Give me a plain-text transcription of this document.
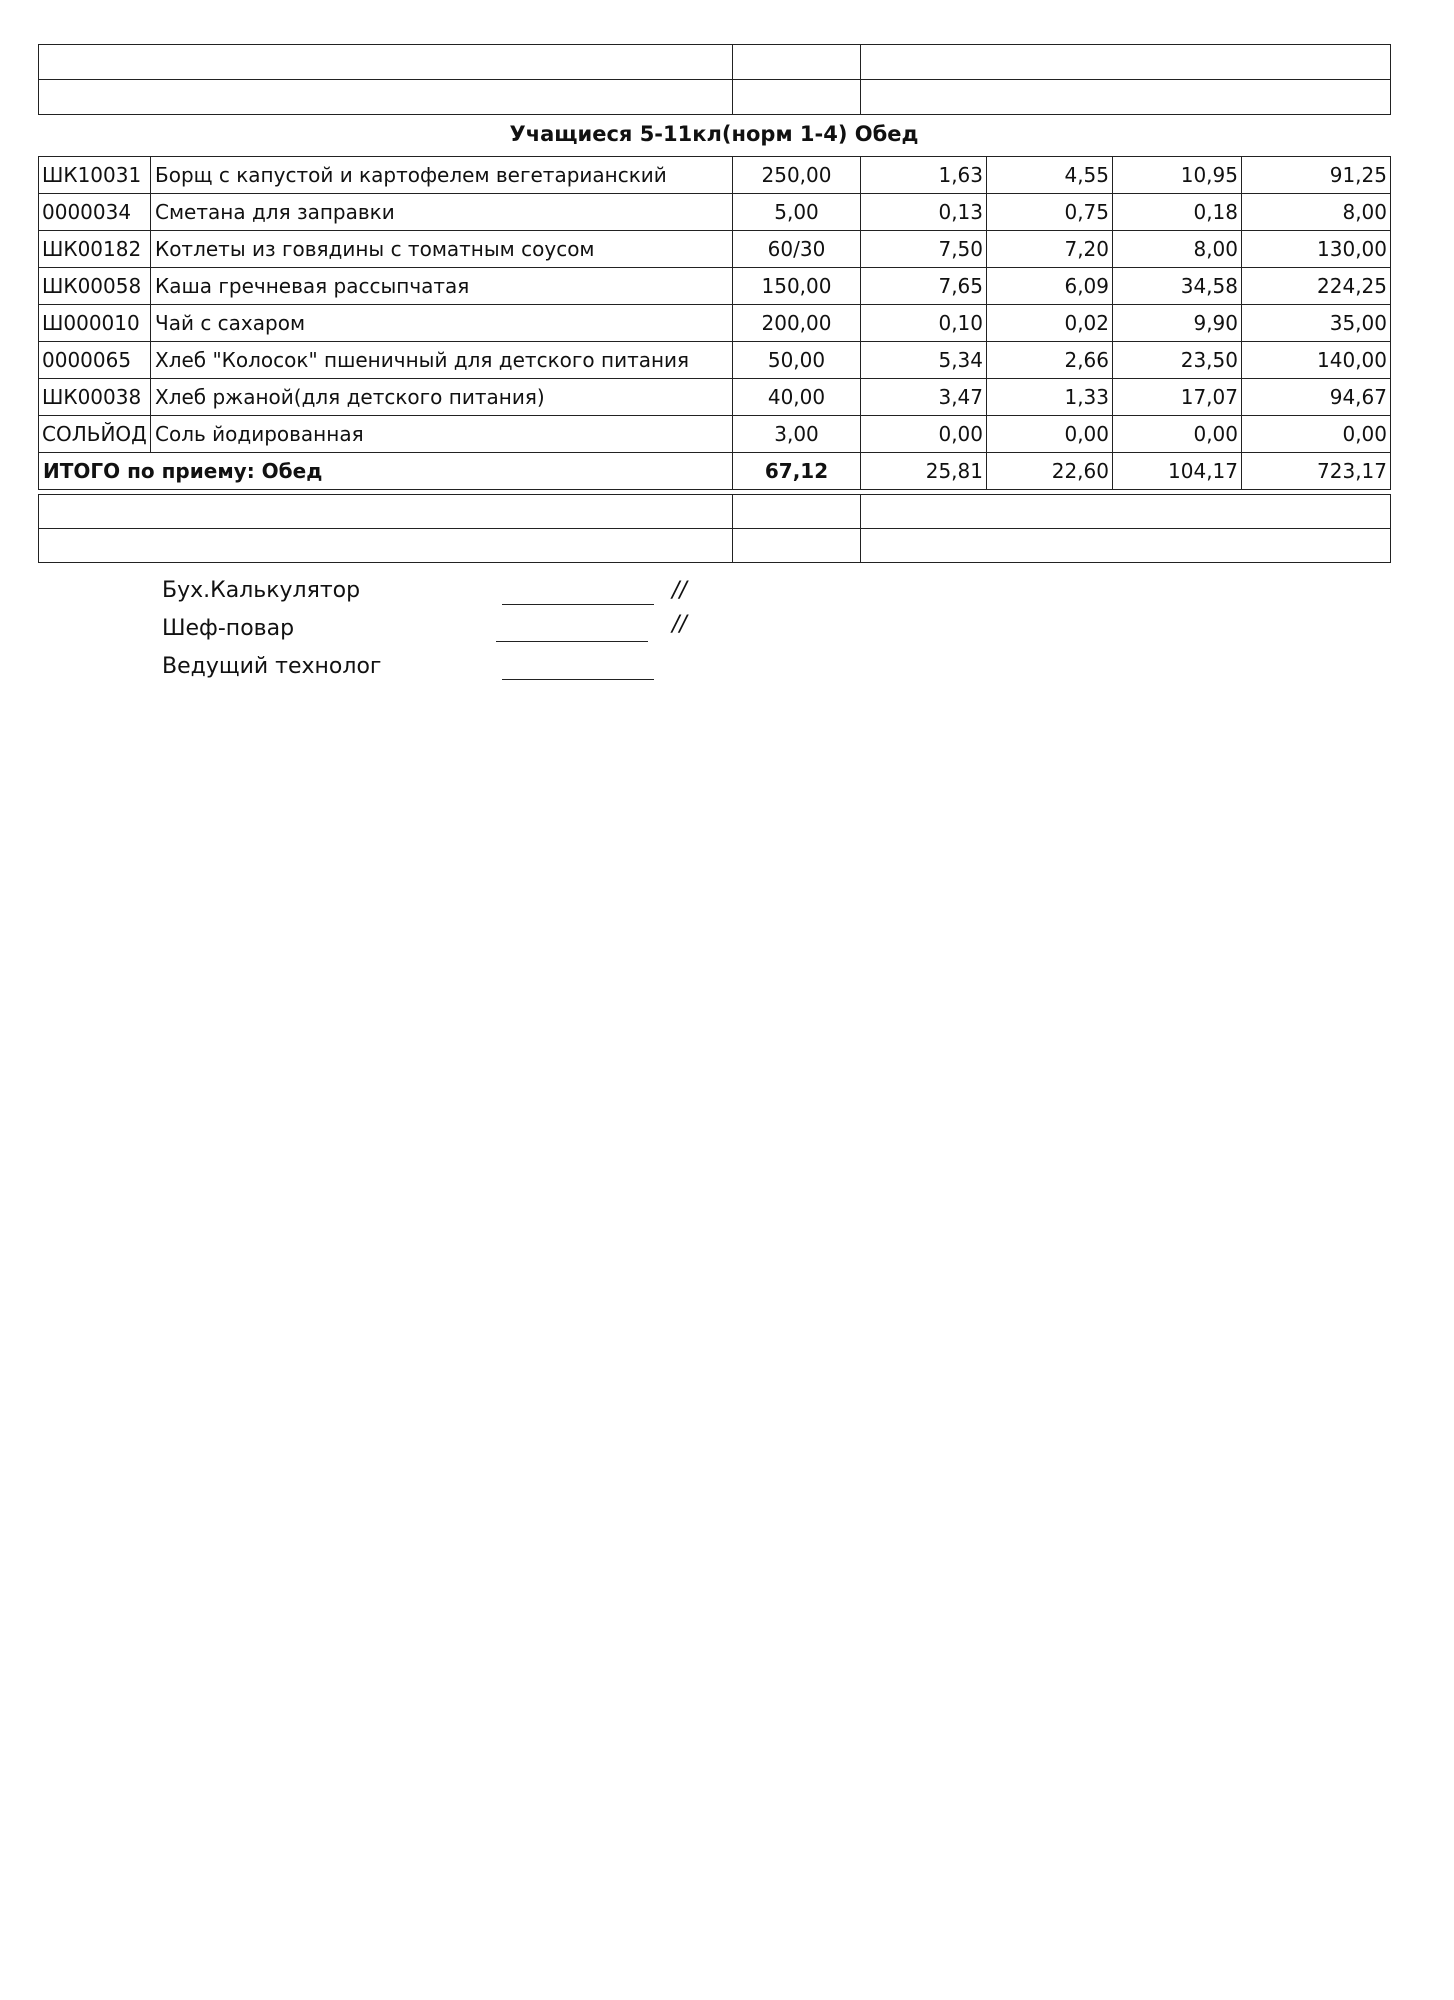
Учащиеся 5-11кл(норм 1-4) Обед
ШК10031	Борщ с капустой и картофелем вегетарианский	250,00	1,63	4,55	10,95	91,25
0000034	Сметана для заправки	5,00	0,13	0,75	0,18	8,00
ШК00182	Котлеты из говядины с томатным соусом	60/30	7,50	7,20	8,00	130,00
ШК00058	Каша гречневая рассыпчатая	150,00	7,65	6,09	34,58	224,25
Ш000010	Чай с сахаром	200,00	0,10	0,02	9,90	35,00
0000065	Хлеб "Колосок" пшеничный для детского питания	50,00	5,34	2,66	23,50	140,00
ШК00038	Хлеб ржаной(для детского питания)	40,00	3,47	1,33	17,07	94,67
СОЛЬЙОД	Соль йодированная	3,00	0,00	0,00	0,00	0,00
ИТОГО по приему: Обед		67,12	25,81	22,60	104,17	723,17

Бух.Калькулятор	//
Шеф-повар	//
Ведущий технолог
